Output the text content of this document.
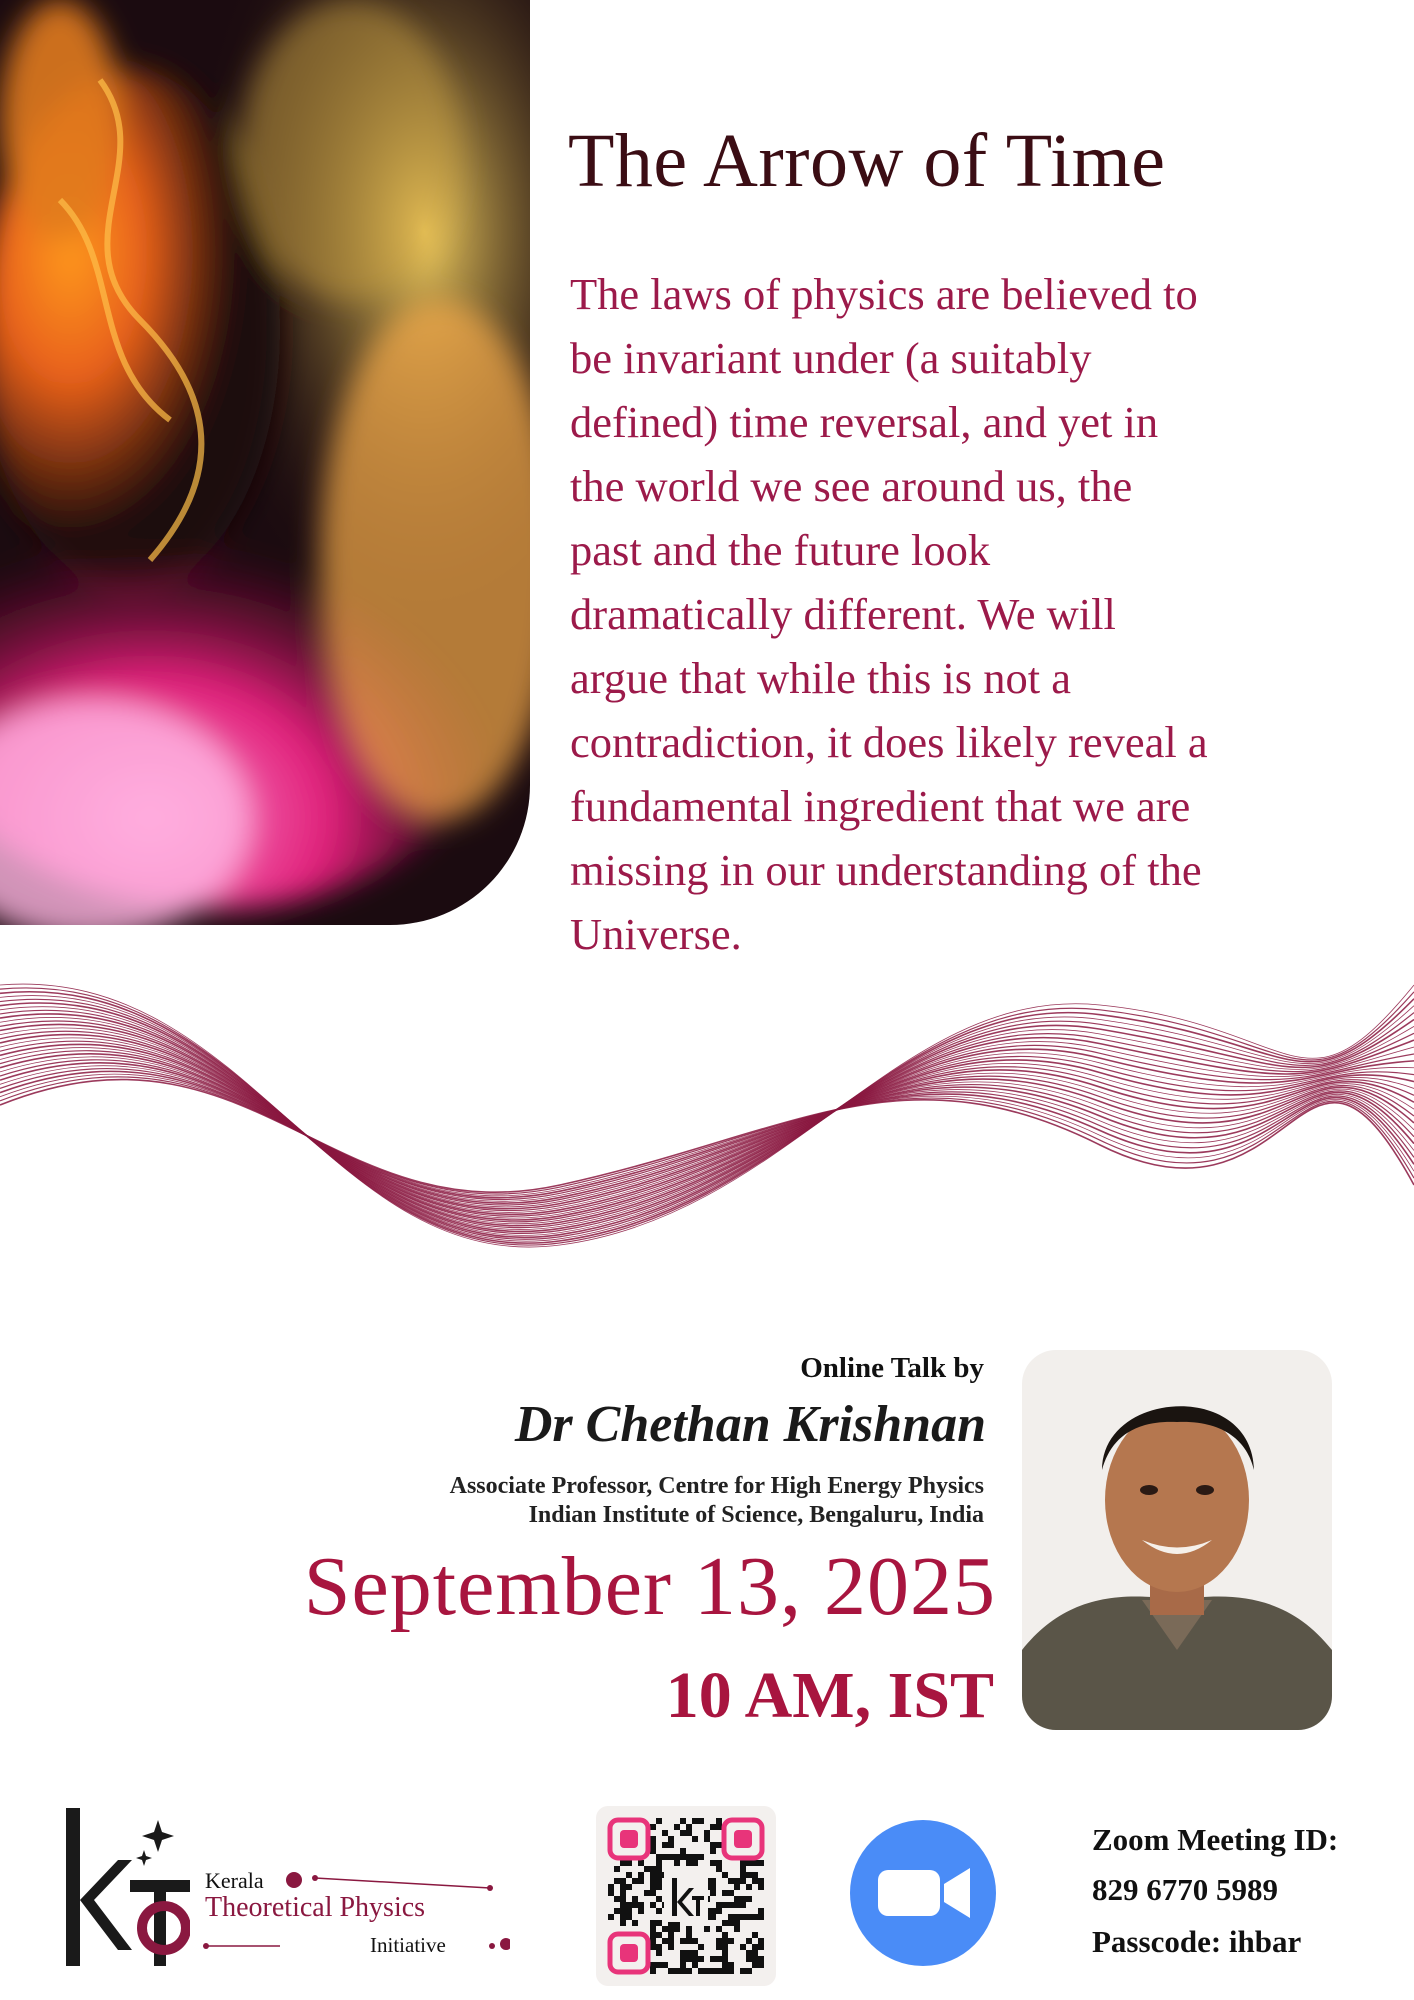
The Arrow of Time
The laws of physics are believed to
be invariant under (a suitably
defined) time reversal, and yet in
the world we see around us, the
past and the future look
dramatically different. We will
argue that while this is not a
contradiction, it does likely reveal a
fundamental ingredient that we are
missing in our understanding of the
Universe.
Online Talk by
Dr Chethan Krishnan
Associate Professor, Centre for High Energy Physics
Indian Institute of Science, Bengaluru, India
September 13, 2025
10 AM, IST
Kerala
Theoretical Physics
Initiative
Zoom Meeting ID:
829 6770 5989
Passcode: ihbar
